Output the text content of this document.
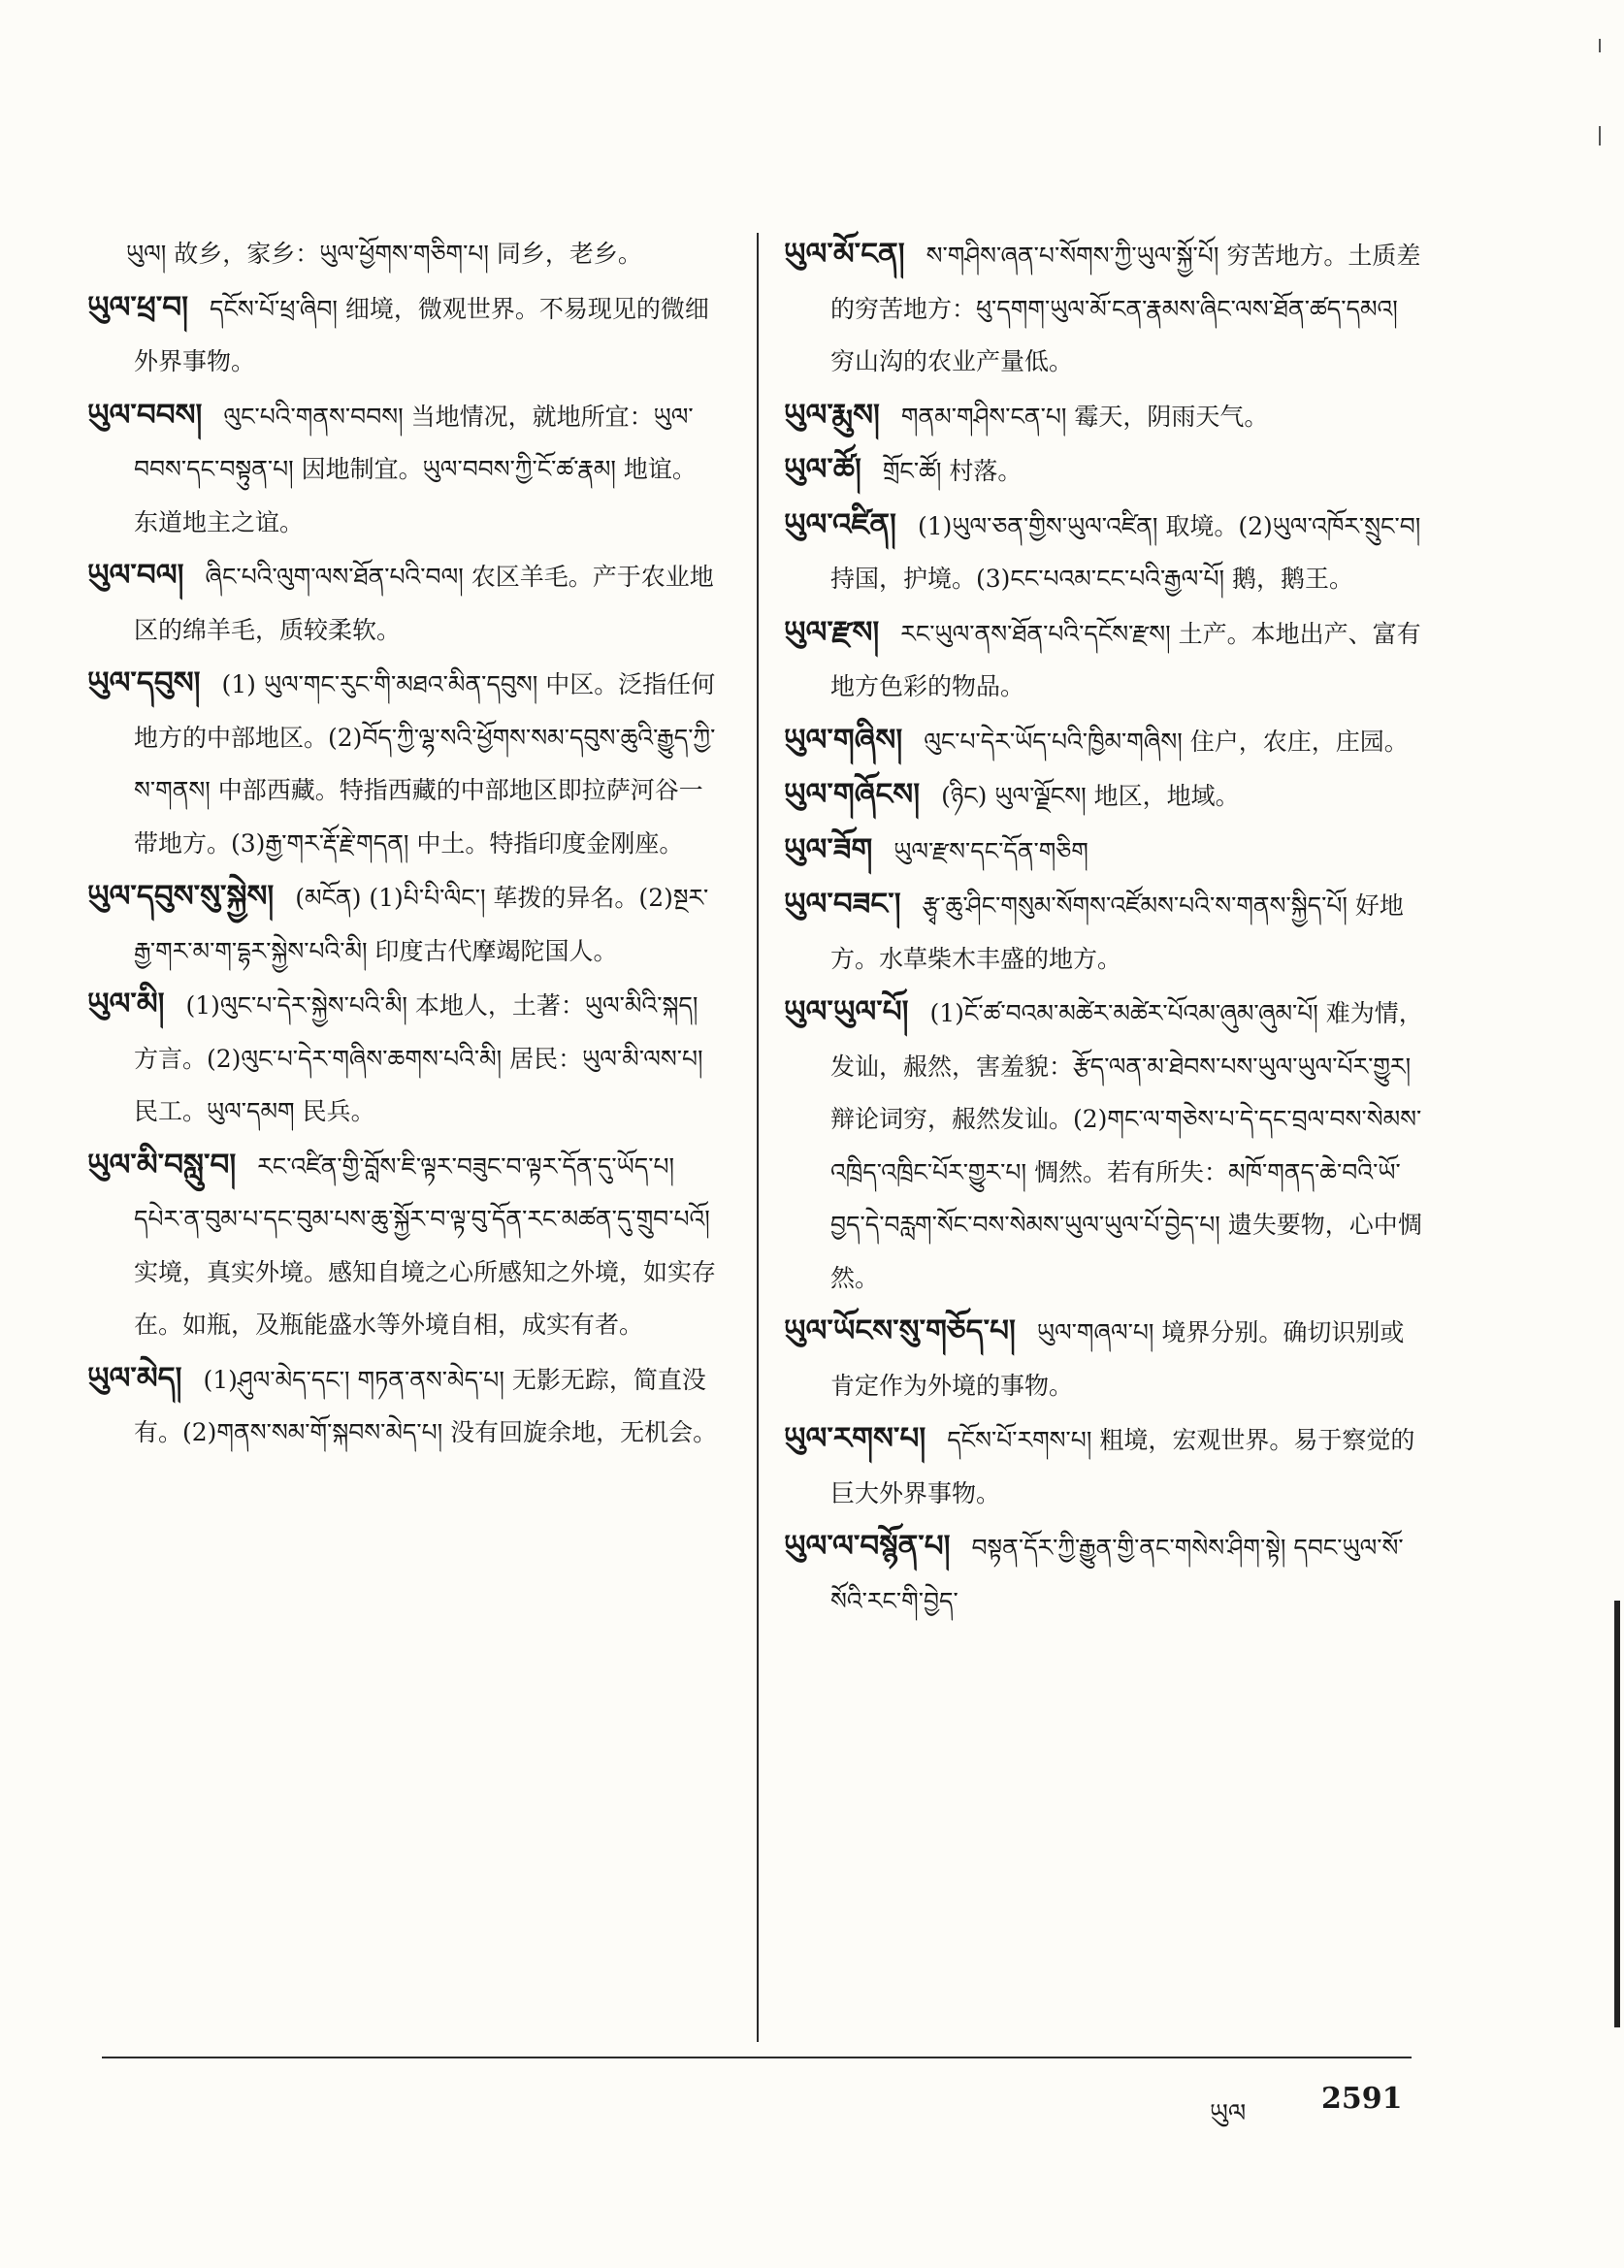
ཡུལ། 故乡，家乡：ཡུལ་ཕྱོགས་གཅིག་པ། 同乡，老乡。

ཡུལ་ཕྲ་བ། དངོས་པོ་ཕྲ་ཞིབ། 细境，微观世界。不易现见的微细外界事物。

ཡུལ་བབས། ལུང་པའི་གནས་བབས། 当地情况，就地所宜：ཡུལ་བབས་དང་བསྟུན་པ། 因地制宜。ཡུལ་བབས་ཀྱི་ངོ་ཚ་རྣམ། 地谊。东道地主之谊。

ཡུལ་བལ། ཞིང་པའི་ལུག་ལས་ཐོན་པའི་བལ། 农区羊毛。产于农业地区的绵羊毛，质较柔软。

ཡུལ་དབུས། (1) ཡུལ་གང་རུང་གི་མཐའ་མིན་དབུས། 中区。泛指任何地方的中部地区。(2)བོད་ཀྱི་ལྷ་སའི་ཕྱོགས་སམ་དབུས་ཆུའི་རྒྱུད་ཀྱི་ས་གནས། 中部西藏。特指西藏的中部地区即拉萨河谷一带地方。(3)རྒྱ་གར་རྡོ་རྗེ་གདན། 中土。特指印度金刚座。

ཡུལ་དབུས་སུ་སྐྱེས། (མངོན) (1)པི་པི་ལིང་། 荜拨的异名。(2)སྔར་རྒྱ་གར་མ་ག་དྷར་སྐྱེས་པའི་མི། 印度古代摩竭陀国人。

ཡུལ་མི། (1)ལུང་པ་དེར་སྐྱེས་པའི་མི། 本地人，土著：ཡུལ་མིའི་སྐད། 方言。(2)ལུང་པ་དེར་གཞིས་ཆགས་པའི་མི། 居民：ཡུལ་མི་ལས་པ། 民工。ཡུལ་དམག 民兵。

ཡུལ་མི་བསླུ་བ། རང་འཛིན་གྱི་བློས་ཇི་ལྟར་བཟུང་བ་ལྟར་དོན་དུ་ཡོད་པ། དཔེར་ན་བུམ་པ་དང་བུམ་པས་ཆུ་སྐྱོར་བ་ལྟ་བུ་དོན་རང་མཚན་དུ་གྲུབ་པའོ། 实境，真实外境。感知自境之心所感知之外境，如实存在。如瓶，及瓶能盛水等外境自相，成实有者。

ཡུལ་མེད། (1)ཤུལ་མེད་དང་། གཏན་ནས་མེད་པ། 无影无踪，简直没有。(2)གནས་སམ་གོ་སྐབས་མེད་པ། 没有回旋余地，无机会。

ཡུལ་མོ་ངན། ས་གཤིས་ཞན་པ་སོགས་ཀྱི་ཡུལ་སྐྱོ་པོ། 穷苦地方。土质差的穷苦地方：ཕུ་དགག་ཡུལ་མོ་ངན་རྣམས་ཞིང་ལས་ཐོན་ཚད་དམའ། 穷山沟的农业产量低。

ཡུལ་རྨུས། གནམ་གཤིས་ངན་པ། 霉天，阴雨天气。

ཡུལ་ཚོ། གྲོང་ཚོ། 村落。

ཡུལ་འཛིན། (1)ཡུལ་ཅན་གྱིས་ཡུལ་འཛིན། 取境。(2)ཡུལ་འཁོར་སྲུང་བ། 持国，护境。(3)ངང་པའམ་ངང་པའི་རྒྱལ་པོ། 鹅，鹅王。

ཡུལ་རྫས། རང་ཡུལ་ནས་ཐོན་པའི་དངོས་རྫས། 土产。本地出产、富有地方色彩的物品。

ཡུལ་གཞིས། ལུང་པ་དེར་ཡོད་པའི་ཁྱིམ་གཞིས། 住户，农庄，庄园。

ཡུལ་གཞོངས། (ཉིང) ཡུལ་ལྗོངས། 地区，地域。

ཡུལ་ཟོག ཡུལ་རྫས་དང་དོན་གཅིག

ཡུལ་བཟང་། རྩྭ་ཆུ་ཤིང་གསུམ་སོགས་འཛོམས་པའི་ས་གནས་སྐྱིད་པོ། 好地方。水草柴木丰盛的地方。

ཡུལ་ཡུལ་པོ། (1)ངོ་ཚ་བའམ་མཚེར་མཚེར་པོའམ་ཞུམ་ཞུམ་པོ། 难为情，发讪，赧然，害羞貌：རྩོད་ལན་མ་ཐེབས་པས་ཡུལ་ཡུལ་པོར་གྱུར། 辩论词穷，赧然发讪。(2)གང་ལ་གཅེས་པ་དེ་དང་བྲལ་བས་སེམས་འཁྲིད་འཁྲིང་པོར་གྱུར་པ། 惆然。若有所失：མཁོ་གནད་ཆེ་བའི་ཡོ་བྱད་དེ་བརླག་སོང་བས་སེམས་ཡུལ་ཡུལ་པོ་བྱེད་པ། 遗失要物，心中惆然。

ཡུལ་ཡོངས་སུ་གཅོད་པ། ཡུལ་གཞལ་པ། 境界分别。确切识别或肯定作为外境的事物。

ཡུལ་རགས་པ། དངོས་པོ་རགས་པ། 粗境，宏观世界。易于察觉的巨大外界事物。

ཡུལ་ལ་བསྙོན་པ། བསྟན་དོར་ཀྱི་རྒྱུན་གྱི་ནང་གསེས་ཤིག་སྟེ། དབང་ཡུལ་སོ་སོའི་རང་གི་བྱེད་

ཡུལ	2591
